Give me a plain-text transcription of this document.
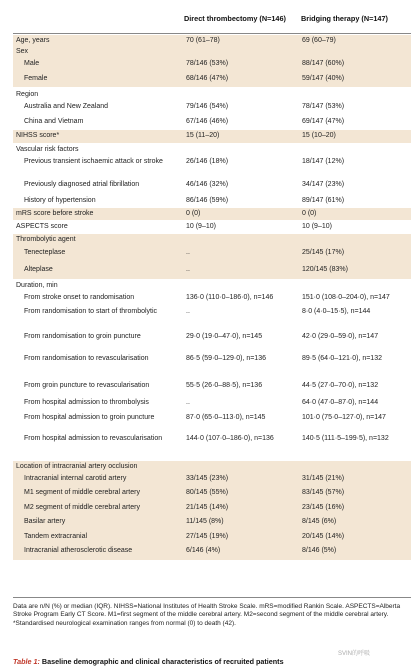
Direct thrombectomy (N=146)	Bridging therapy (N=147)
Age, years	70 (61–78)	69 (60–79)
Sex
Male	78/146 (53%)	88/147 (60%)
Female	68/146 (47%)	59/147 (40%)
Region
Australia and New Zealand	79/146 (54%)	78/147 (53%)
China and Vietnam	67/146 (46%)	69/147 (47%)
NIHSS score*	15 (11–20)	15 (10–20)
Vascular risk factors
Previous transient ischaemic attack or stroke	26/146 (18%)	18/147 (12%)
Previously diagnosed atrial fibrillation	46/146 (32%)	34/147 (23%)
History of hypertension	86/146 (59%)	89/147 (61%)
mRS score before stroke	0 (0)	0 (0)
ASPECTS score	10 (9–10)	10 (9–10)
Thrombolytic agent
Tenecteplase	..	25/145 (17%)
Alteplase	..	120/145 (83%)
Duration, min
From stroke onset to randomisation	136·0 (110·0–186·0), n=146	151·0 (108·0–204·0), n=147
From randomisation to start of thrombolytic	..	8·0 (4·0–15·5), n=144
From randomisation to groin puncture	29·0 (19·0–47·0), n=145	42·0 (29·0–59·0), n=147
From randomisation to revascularisation	86·5 (59·0–129·0), n=136	89·5 (64·0–121·0), n=132
From groin puncture to revascularisation	55·5 (26·0–88·5), n=136	44·5 (27·0–70·0), n=132
From hospital admission to thrombolysis	..	64·0 (47·0–87·0), n=144
From hospital admission to groin puncture	87·0 (65·0–113·0), n=145	101·0 (75·0–127·0), n=147
From hospital admission to revascularisation	144·0 (107·0–186·0), n=136	140·5 (111·5–199·5), n=132
Location of intracranial artery occlusion
Intracranial internal carotid artery	33/145 (23%)	31/145 (21%)
M1 segment of middle cerebral artery	80/145 (55%)	83/145 (57%)
M2 segment of middle cerebral artery	21/145 (14%)	23/145 (16%)
Basilar artery	11/145 (8%)	8/145 (6%)
Tandem extracranial	27/145 (19%)	20/145 (14%)
Intracranial atherosclerotic disease	6/146 (4%)	8/146 (5%)
Data are n/N (%) or median (IQR). NIHSS=National Institutes of Health Stroke Scale. mRS=modified Rankin Scale. ASPECTS=Alberta Stroke Program Early CT Score. M1=first segment of the middle cerebral artery. M2=second segment of the middle cerebral artery. *Standardised neurological examination ranges from normal (0) to death (42).
SVIN的呼吸
Table 1: Baseline demographic and clinical characteristics of recruited patients
